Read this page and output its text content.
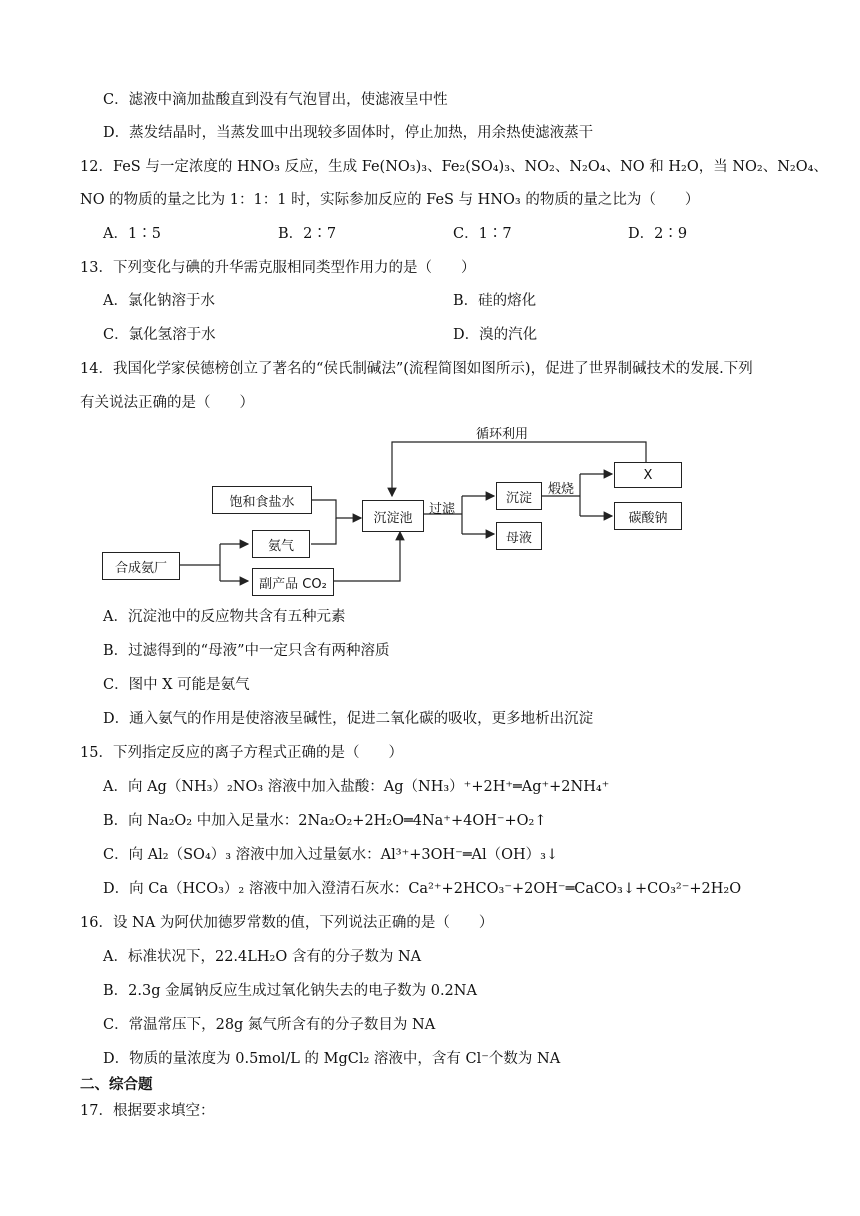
C．滤液中滴加盐酸直到没有气泡冒出，使滤液呈中性
D．蒸发结晶时，当蒸发皿中出现较多固体时，停止加热，用余热使滤液蒸干
12．FeS 与一定浓度的 HNO₃ 反应，生成 Fe(NO₃)₃、Fe₂(SO₄)₃、NO₂、N₂O₄、NO 和 H₂O，当 NO₂、N₂O₄、
NO 的物质的量之比为 1：1：1 时，实际参加反应的 FeS 与 HNO₃ 的物质的量之比为（　　）
A．1∶5	B．2∶7	C．1∶7	D．2∶9
13．下列变化与碘的升华需克服相同类型作用力的是（　　）
A．氯化钠溶于水	B．硅的熔化
C．氯化氢溶于水	D．溴的汽化
14．我国化学家侯德榜创立了著名的“侯氏制碱法”(流程简图如图所示)，促进了世界制碱技术的发展.下列
有关说法正确的是（　　）
循环利用
过滤
煅烧
饱和食盐水
氨气
副产品 CO₂
合成氨厂
沉淀池
沉淀
母液
X
碳酸钠
A．沉淀池中的反应物共含有五种元素
B．过滤得到的“母液”中一定只含有两种溶质
C．图中 X 可能是氨气
D．通入氨气的作用是使溶液呈碱性，促进二氧化碳的吸收，更多地析出沉淀
15．下列指定反应的离子方程式正确的是（　　）
A．向 Ag（NH₃）₂NO₃ 溶液中加入盐酸：Ag（NH₃）⁺+2H⁺═Ag⁺+2NH₄⁺
B．向 Na₂O₂ 中加入足量水：2Na₂O₂+2H₂O═4Na⁺+4OH⁻+O₂↑
C．向 Al₂（SO₄）₃ 溶液中加入过量氨水：Al³⁺+3OH⁻═Al（OH）₃↓
D．向 Ca（HCO₃）₂ 溶液中加入澄清石灰水：Ca²⁺+2HCO₃⁻+2OH⁻═CaCO₃↓+CO₃²⁻+2H₂O
16．设 NA 为阿伏加德罗常数的值，下列说法正确的是（　　）
A．标准状况下，22.4LH₂O 含有的分子数为 NA
B．2.3g 金属钠反应生成过氧化钠失去的电子数为 0.2NA
C．常温常压下，28g 氮气所含有的分子数目为 NA
D．物质的量浓度为 0.5mol/L 的 MgCl₂ 溶液中，含有 Cl⁻个数为 NA
二、综合题
17．根据要求填空：
